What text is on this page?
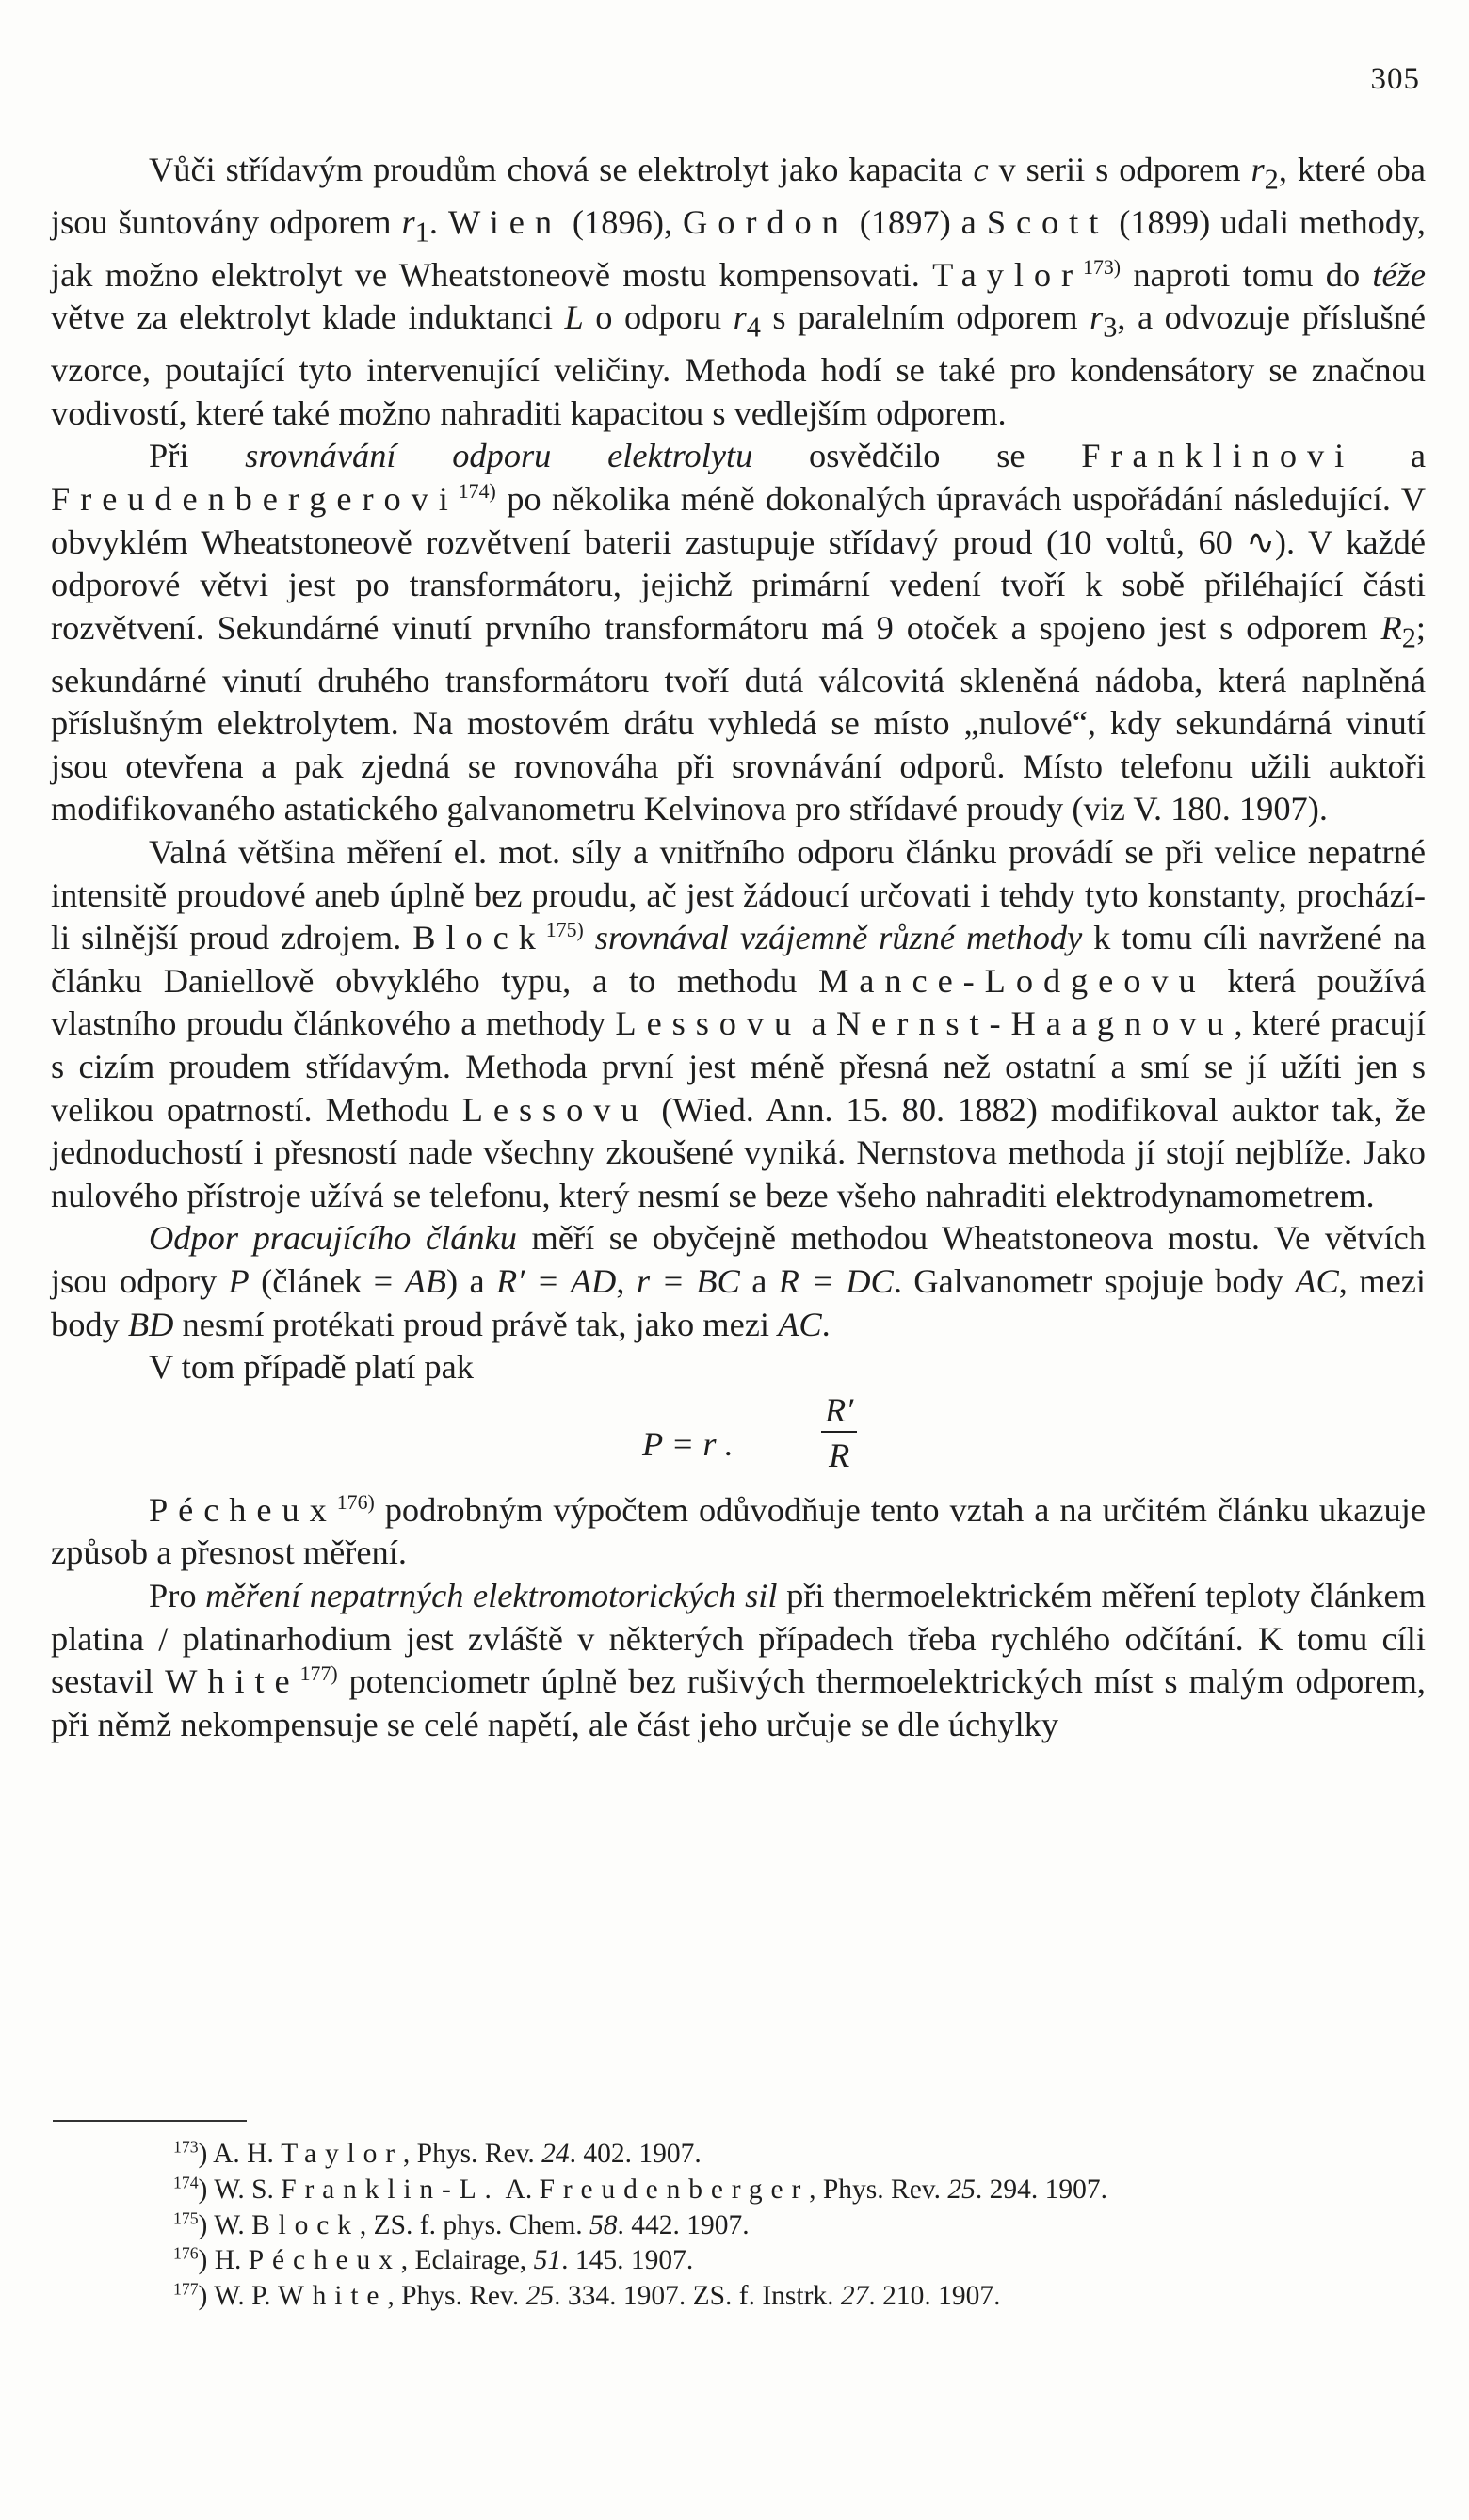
305

Vůči střídavým proudům chová se elektrolyt jako kapacita c v serii s odporem $r_2$, které oba jsou šuntovány odporem $r_1$. Wien (1896), Gordon (1897) a Scott (1899) udali methody, jak možno elektrolyt ve Wheatstoneově mostu kompensovati. Taylor$^{173)}$ naproti tomu do téže větve za elektrolyt klade induktanci L o odporu $r_4$ s paralelním odporem $r_3$, a odvozuje příslušné vzorce, poutající tyto intervenující veličiny. Methoda hodí se také pro kondensátory se značnou vodivostí, které také možno nahraditi kapacitou s vedlejším odporem.

Při srovnávání odporu elektrolytu osvědčilo se Franklinovi a Freudenbergerovi$^{174)}$ po několika méně dokonalých úpravách uspořádání následující. V obvyklém Wheatstoneově rozvětvení baterii zastupuje střídavý proud (10 voltů, 60 ∿). V každé odporové větvi jest po transformátoru, jejichž primární vedení tvoří k sobě přiléhající části rozvětvení. Sekundárné vinutí prvního transformátoru má 9 otoček a spojeno jest s odporem $R_2$; sekundárné vinutí druhého transformátoru tvoří dutá válcovitá skleněná nádoba, která naplněná příslušným elektrolytem. Na mostovém drátu vyhledá se místo „nulové“, kdy sekundárná vinutí jsou otevřena a pak zjedná se rovnováha při srovnávání odporů. Místo telefonu užili auktoři modifikovaného astatického galvanometru Kelvinova pro střídavé proudy (viz V. 180. 1907).

Valná většina měření el. mot. síly a vnitřního odporu článku provádí se při velice nepatrné intensitě proudové aneb úplně bez proudu, ač jest žádoucí určovati i tehdy tyto konstanty, prochází-li silnější proud zdrojem. Block$^{175)}$ srovnával vzájemně různé methody k tomu cíli navržené na článku Daniellově obvyklého typu, a to methodu Mance-Lodgeovu která používá vlastního proudu článkového a methody Lessovu a Nernst-Haagnovu, které pracují s cizím proudem střídavým. Methoda první jest méně přesná než ostatní a smí se jí užíti jen s velikou opatrností. Methodu Lessovu (Wied. Ann. 15. 80. 1882) modifikoval auktor tak, že jednoduchostí i přesností nade všechny zkoušené vyniká. Nernstova methoda jí stojí nejblíže. Jako nulového přístroje užívá se telefonu, který nesmí se beze všeho nahraditi elektrodynamometrem.

Odpor pracujícího článku měří se obyčejně methodou Wheatstoneova mostu. Ve větvích jsou odpory P (článek = AB) a R′ = AD, r = BC a R = DC. Galvanometr spojuje body AC, mezi body BD nesmí protékati proud právě tak, jako mezi AC.

V tom případě platí pak

P = r .	$\frac{R'}{R}$

Pécheux$^{176)}$ podrobným výpočtem odůvodňuje tento vztah a na určitém článku ukazuje způsob a přesnost měření.

Pro měření nepatrných elektromotorických sil při thermoelektrickém měření teploty článkem platina / platinarhodium jest zvláště v některých případech třeba rychlého odčítání. K tomu cíli sestavil White$^{177)}$ potenciometr úplně bez rušivých thermoelektrických míst s malým odporem, při němž nekompensuje se celé napětí, ale část jeho určuje se dle úchylky

$^{173}$) A. H. Taylor, Phys. Rev. 24. 402. 1907.

$^{174}$) W. S. Franklin-L. A. Freudenberger, Phys. Rev. 25. 294. 1907.

$^{175}$) W. Block, ZS. f. phys. Chem. 58. 442. 1907.

$^{176}$) H. Pécheux, Eclairage, 51. 145. 1907.

$^{177}$) W. P. White, Phys. Rev. 25. 334. 1907. ZS. f. Instrk. 27. 210. 1907.
